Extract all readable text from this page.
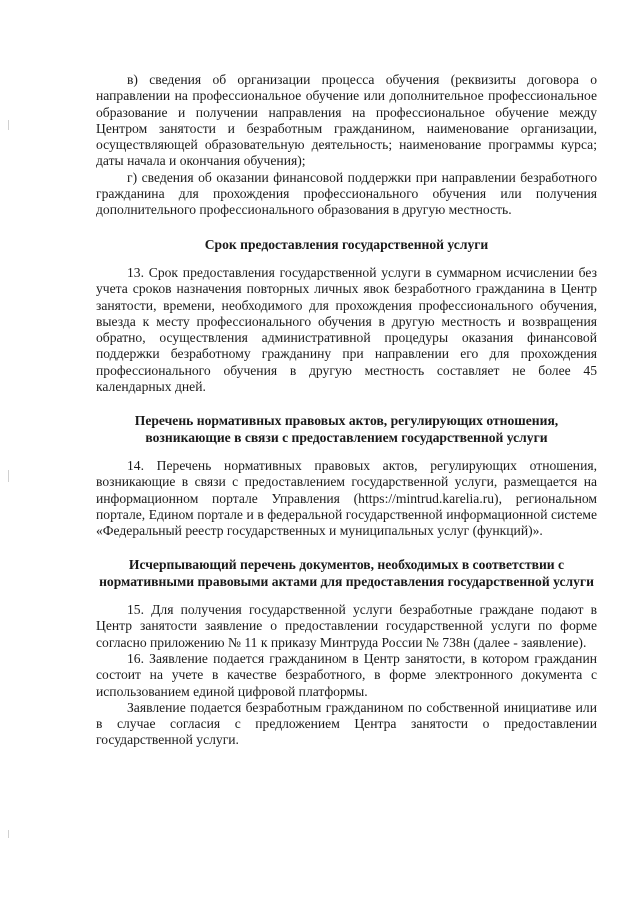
в) сведения об организации процесса обучения (реквизиты договора о направлении на профессиональное обучение или дополнительное профессиональное образование и получении направления на профессиональное обучение между Центром занятости и безработным гражданином, наименование организации, осуществляющей образовательную деятельность; наименование программы курса; даты начала и окончания обучения);

г) сведения об оказании финансовой поддержки при направлении безработного гражданина для прохождения профессионального обучения или получения дополнительного профессионального образования в другую местность.

Срок предоставления государственной услуги

13. Срок предоставления государственной услуги в суммарном исчислении без учета сроков назначения повторных личных явок безработного гражданина в Центр занятости, времени, необходимого для прохождения профессионального обучения, выезда к месту профессионального обучения в другую местность и возвращения обратно, осуществления административной процедуры оказания финансовой поддержки безработному гражданину при направлении его для прохождения профессионального обучения в другую местность составляет не более 45 календарных дней.

Перечень нормативных правовых актов, регулирующих отношения, возникающие в связи с предоставлением государственной услуги

14. Перечень нормативных правовых актов, регулирующих отношения, возникающие в связи с предоставлением государственной услуги, размещается на информационном портале Управления (https://mintrud.karelia.ru), региональном портале, Едином портале и в федеральной государственной информационной системе «Федеральный реестр государственных и муниципальных услуг (функций)».

Исчерпывающий перечень документов, необходимых в соответствии с нормативными правовыми актами для предоставления государственной услуги

15. Для получения государственной услуги безработные граждане подают в Центр занятости заявление о предоставлении государственной услуги по форме согласно приложению № 11 к приказу Минтруда России № 738н (далее - заявление).

16. Заявление подается гражданином в Центр занятости, в котором гражданин состоит на учете в качестве безработного, в форме электронного документа с использованием единой цифровой платформы.

Заявление подается безработным гражданином по собственной инициативе или в случае согласия с предложением Центра занятости о предоставлении государственной услуги.
